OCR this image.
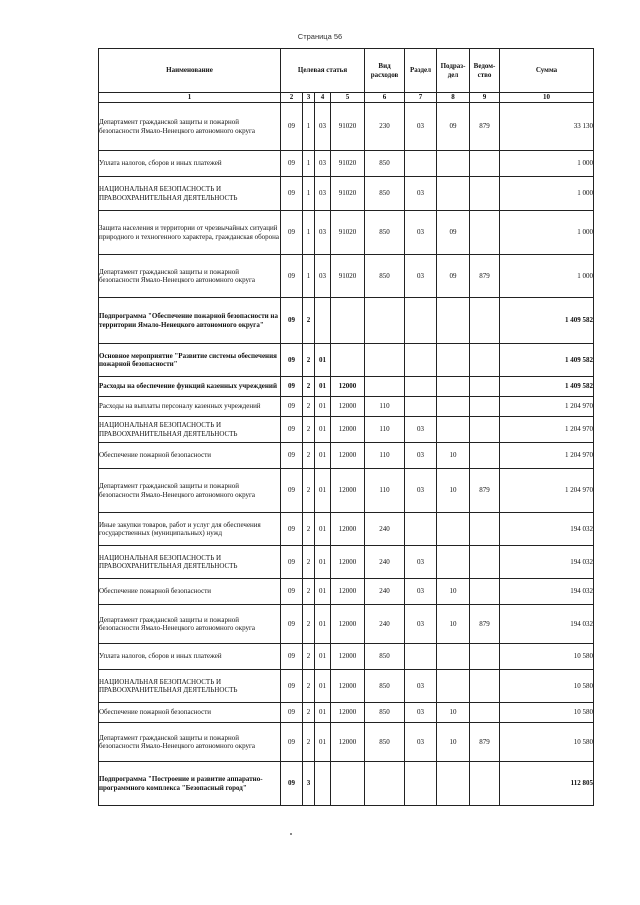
Страница 56
Наименование	Целевая статья				Вид расходов	Раздел	Подраз-дел	Ведом-ство	Сумма
1	2	3	4	5	6	7	8	9	10
Департамент гражданской защиты и пожарной безопасности Ямало-Ненецкого автономного округа	09	1	03	91020	230	03	09	879	33 130
Уплата налогов, сборов и иных платежей	09	1	03	91020	850				1 000
НАЦИОНАЛЬНАЯ БЕЗОПАСНОСТЬ И ПРАВООХРАНИТЕЛЬНАЯ ДЕЯТЕЛЬНОСТЬ	09	1	03	91020	850	03			1 000
Защита населения и территории от чрезвычайных ситуаций природного и техногенного характера, гражданская оборона	09	1	03	91020	850	03	09		1 000
Департамент гражданской защиты и пожарной безопасности Ямало-Ненецкого автономного округа	09	1	03	91020	850	03	09	879	1 000
Подпрограмма "Обеспечение пожарной безопасности на территории Ямало-Ненецкого автономного округа"	09	2							1 409 582
Основное мероприятие "Развитие системы обеспечения пожарной безопасности"	09	2	01						1 409 582
Расходы на обеспечение функций казенных учреждений	09	2	01	12000					1 409 582
Расходы на выплаты персоналу казенных учреждений	09	2	01	12000	110				1 204 970
НАЦИОНАЛЬНАЯ БЕЗОПАСНОСТЬ И ПРАВООХРАНИТЕЛЬНАЯ ДЕЯТЕЛЬНОСТЬ	09	2	01	12000	110	03			1 204 970
Обеспечение пожарной безопасности	09	2	01	12000	110	03	10		1 204 970
Департамент гражданской защиты и пожарной безопасности Ямало-Ненецкого автономного округа	09	2	01	12000	110	03	10	879	1 204 970
Иные закупки товаров, работ и услуг для обеспечения государственных (муниципальных) нужд	09	2	01	12000	240				194 032
НАЦИОНАЛЬНАЯ БЕЗОПАСНОСТЬ И ПРАВООХРАНИТЕЛЬНАЯ ДЕЯТЕЛЬНОСТЬ	09	2	01	12000	240	03			194 032
Обеспечение пожарной безопасности	09	2	01	12000	240	03	10		194 032
Департамент гражданской защиты и пожарной безопасности Ямало-Ненецкого автономного округа	09	2	01	12000	240	03	10	879	194 032
Уплата налогов, сборов и иных платежей	09	2	01	12000	850				10 580
НАЦИОНАЛЬНАЯ БЕЗОПАСНОСТЬ И ПРАВООХРАНИТЕЛЬНАЯ ДЕЯТЕЛЬНОСТЬ	09	2	01	12000	850	03			10 580
Обеспечение пожарной безопасности	09	2	01	12000	850	03	10		10 580
Департамент гражданской защиты и пожарной безопасности Ямало-Ненецкого автономного округа	09	2	01	12000	850	03	10	879	10 580
Подпрограмма "Построение и развитие аппаратно-программного комплекса "Безопасный город"	09	3							112 805
